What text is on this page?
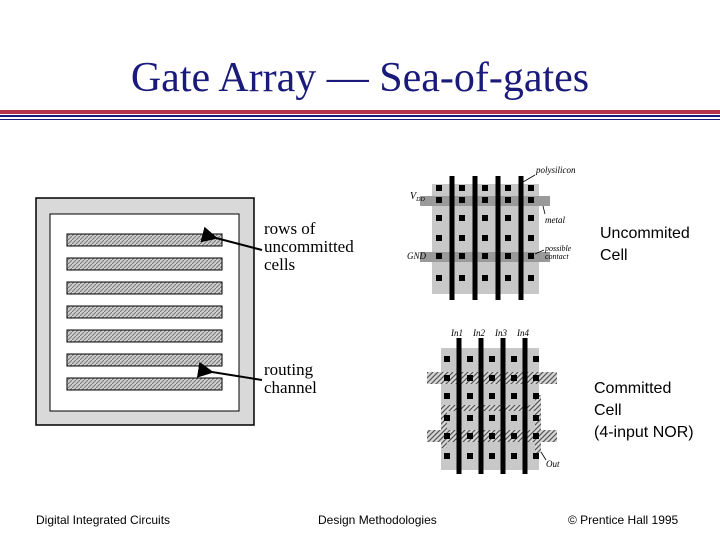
Gate Array — Sea-of-gates
polysilicon
$V_{DD}$
metal
GND
possible contact
In1 In2 In3 In4
Out
rows of
uncommitted
cells
routing
channel
Uncommited
Cell
Committed
Cell
(4-input NOR)
Digital Integrated Circuits	Design Methodologies	© Prentice Hall 1995
